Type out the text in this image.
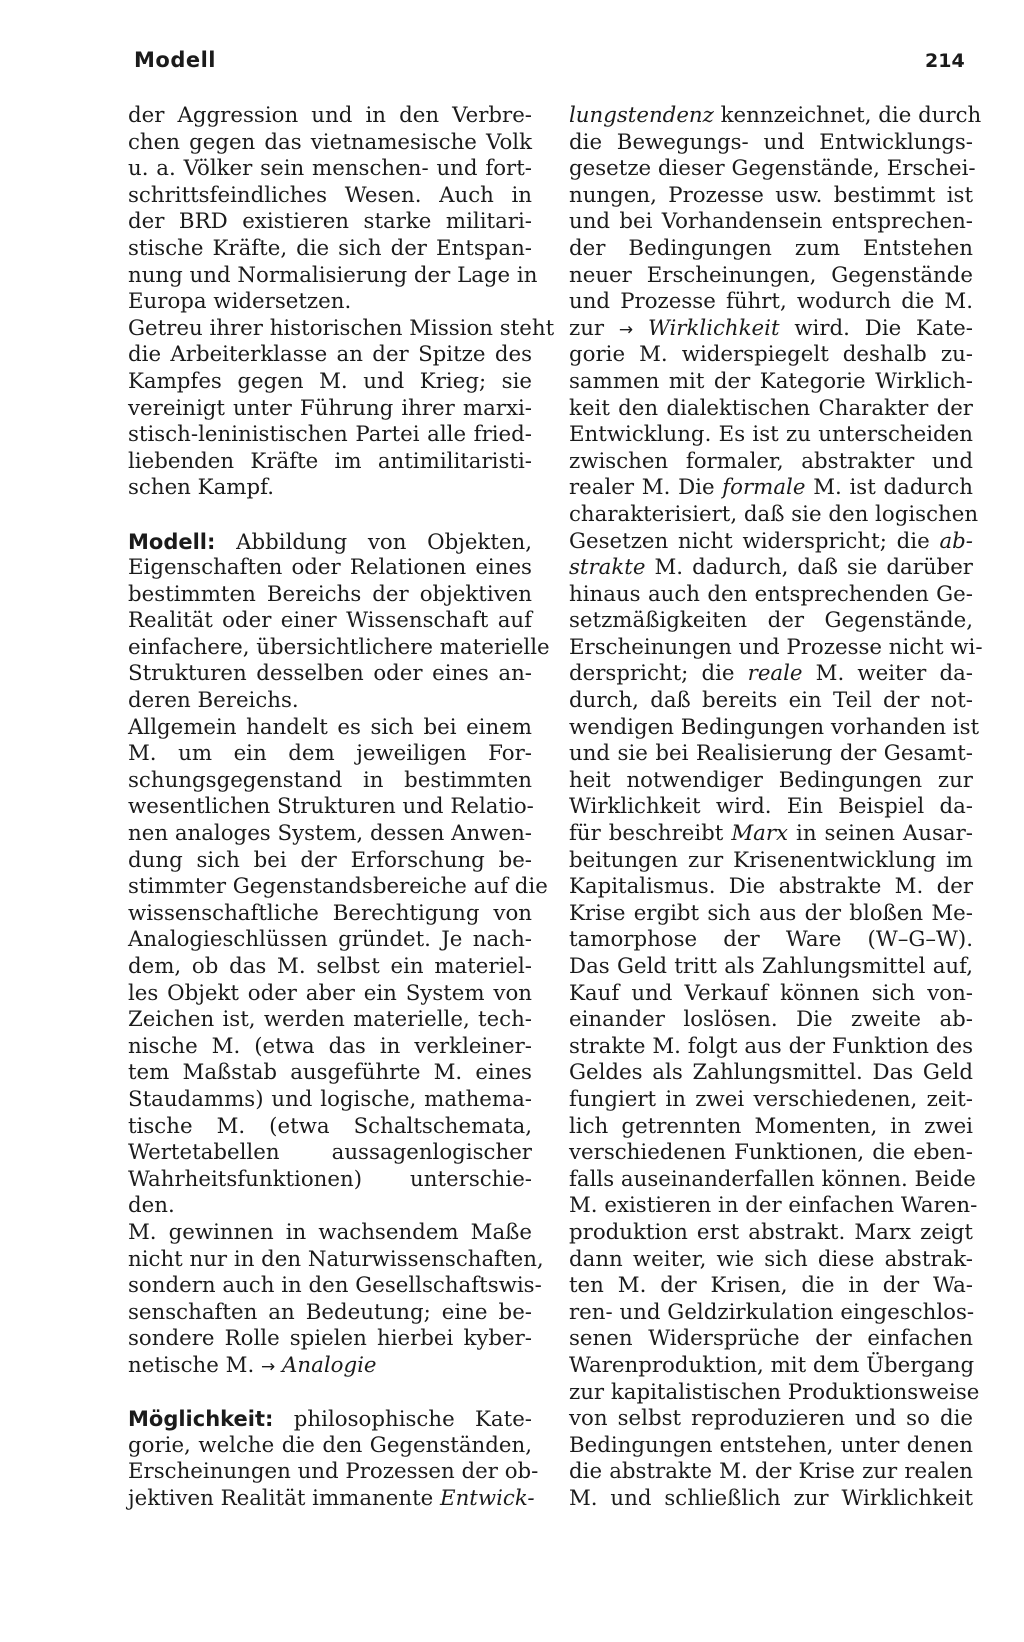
Modell	214
der Aggression und in den Verbre-
chen gegen das vietnamesische Volk
u. a. Völker sein menschen- und fort-
schrittsfeindliches Wesen. Auch in
der BRD existieren starke militari-
stische Kräfte, die sich der Entspan-
nung und Normalisierung der Lage in
Europa widersetzen.
Getreu ihrer historischen Mission steht
die Arbeiterklasse an der Spitze des
Kampfes gegen M. und Krieg; sie
vereinigt unter Führung ihrer marxi-
stisch-leninistischen Partei alle fried-
liebenden Kräfte im antimilitaristi-
schen Kampf.
Modell: Abbildung von Objekten,
Eigenschaften oder Relationen eines
bestimmten Bereichs der objektiven
Realität oder einer Wissenschaft auf
einfachere, übersichtlichere materielle
Strukturen desselben oder eines an-
deren Bereichs.
Allgemein handelt es sich bei einem
M. um ein dem jeweiligen For-
schungsgegenstand in bestimmten
wesentlichen Strukturen und Relatio-
nen analoges System, dessen Anwen-
dung sich bei der Erforschung be-
stimmter Gegenstandsbereiche auf die
wissenschaftliche Berechtigung von
Analogieschlüssen gründet. Je nach-
dem, ob das M. selbst ein materiel-
les Objekt oder aber ein System von
Zeichen ist, werden materielle, tech-
nische M. (etwa das in verkleiner-
tem Maßstab ausgeführte M. eines
Staudamms) und logische, mathema-
tische M. (etwa Schaltschemata,
Wertetabellen aussagenlogischer
Wahrheitsfunktionen) unterschie-
den.
M. gewinnen in wachsendem Maße
nicht nur in den Naturwissenschaften,
sondern auch in den Gesellschaftswis-
senschaften an Bedeutung; eine be-
sondere Rolle spielen hierbei kyber-
netische M. → Analogie
Möglichkeit: philosophische Kate-
gorie, welche die den Gegenständen,
Erscheinungen und Prozessen der ob-
jektiven Realität immanente Entwick-
lungstendenz kennzeichnet, die durch
die Bewegungs- und Entwicklungs-
gesetze dieser Gegenstände, Erschei-
nungen, Prozesse usw. bestimmt ist
und bei Vorhandensein entsprechen-
der Bedingungen zum Entstehen
neuer Erscheinungen, Gegenstände
und Prozesse führt, wodurch die M.
zur → Wirklichkeit wird. Die Kate-
gorie M. widerspiegelt deshalb zu-
sammen mit der Kategorie Wirklich-
keit den dialektischen Charakter der
Entwicklung. Es ist zu unterscheiden
zwischen formaler, abstrakter und
realer M. Die formale M. ist dadurch
charakterisiert, daß sie den logischen
Gesetzen nicht widerspricht; die ab-
strakte M. dadurch, daß sie darüber
hinaus auch den entsprechenden Ge-
setzmäßigkeiten der Gegenstände,
Erscheinungen und Prozesse nicht wi-
derspricht; die reale M. weiter da-
durch, daß bereits ein Teil der not-
wendigen Bedingungen vorhanden ist
und sie bei Realisierung der Gesamt-
heit notwendiger Bedingungen zur
Wirklichkeit wird. Ein Beispiel da-
für beschreibt Marx in seinen Ausar-
beitungen zur Krisenentwicklung im
Kapitalismus. Die abstrakte M. der
Krise ergibt sich aus der bloßen Me-
tamorphose der Ware (W–G–W).
Das Geld tritt als Zahlungsmittel auf,
Kauf und Verkauf können sich von-
einander loslösen. Die zweite ab-
strakte M. folgt aus der Funktion des
Geldes als Zahlungsmittel. Das Geld
fungiert in zwei verschiedenen, zeit-
lich getrennten Momenten, in zwei
verschiedenen Funktionen, die eben-
falls auseinanderfallen können. Beide
M. existieren in der einfachen Waren-
produktion erst abstrakt. Marx zeigt
dann weiter, wie sich diese abstrak-
ten M. der Krisen, die in der Wa-
ren- und Geldzirkulation eingeschlos-
senen Widersprüche der einfachen
Warenproduktion, mit dem Übergang
zur kapitalistischen Produktionsweise
von selbst reproduzieren und so die
Bedingungen entstehen, unter denen
die abstrakte M. der Krise zur realen
M. und schließlich zur Wirklichkeit
